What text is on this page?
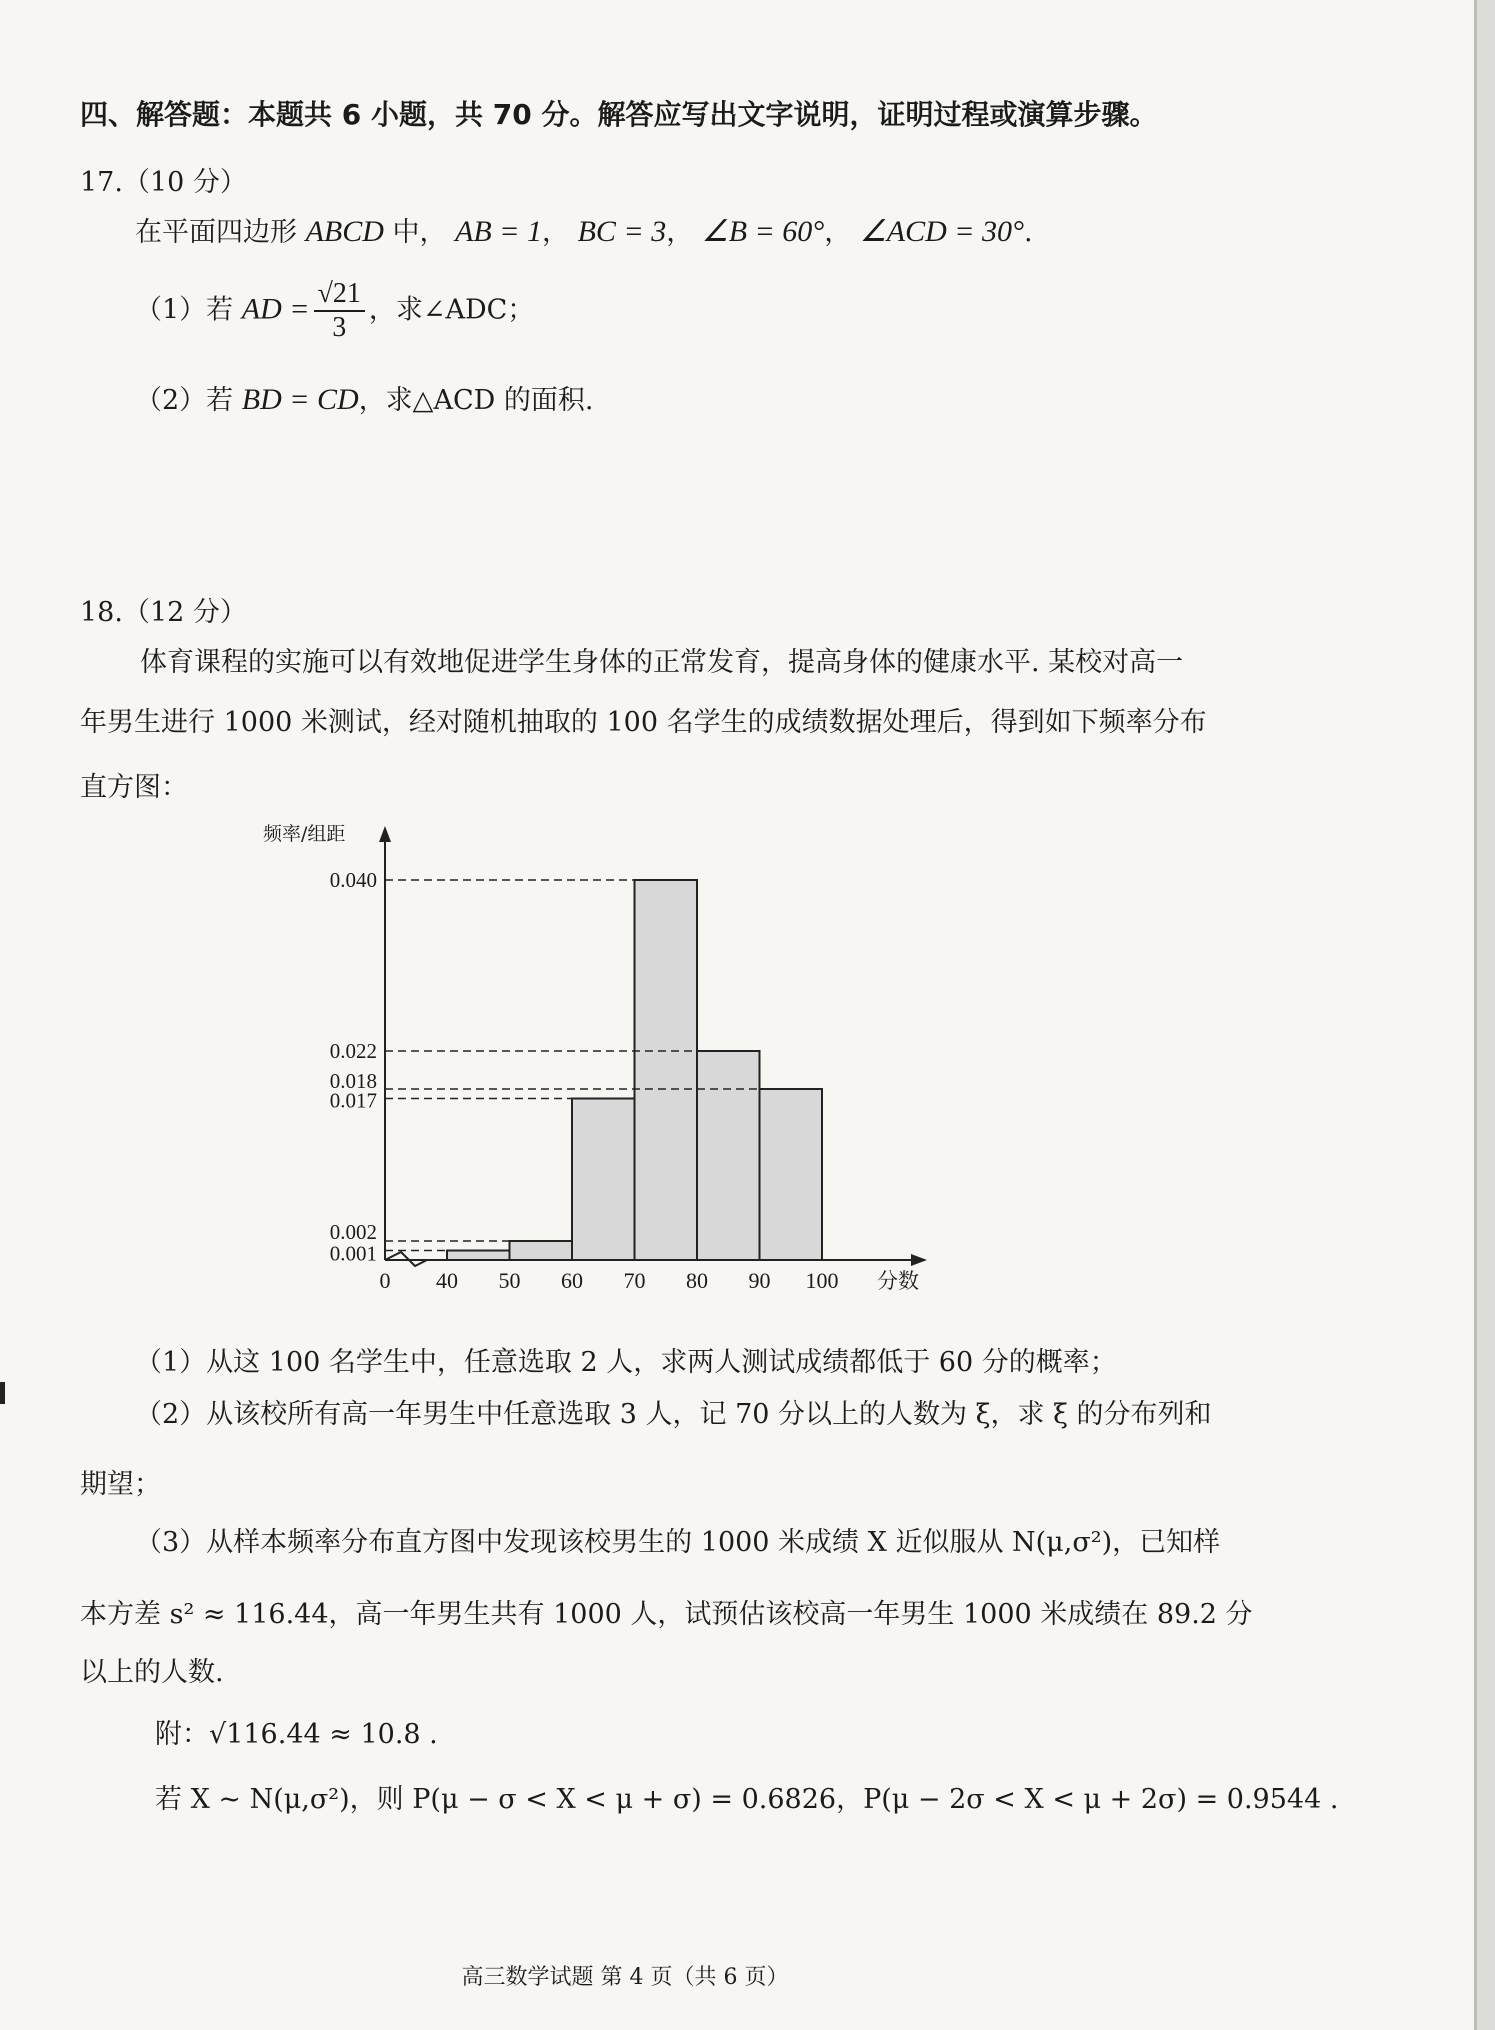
四、解答题：本题共 6 小题，共 70 分。解答应写出文字说明，证明过程或演算步骤。
17.（10 分）
在平面四边形 ABCD 中， AB = 1， BC = 3， ∠B = 60°， ∠ACD = 30°.
（1）若 AD = $\frac{√21}{3}$ ，求∠ADC；
（2）若 BD = CD，求△ACD 的面积.
18.（12 分）
体育课程的实施可以有效地促进学生身体的正常发育，提高身体的健康水平. 某校对高一
年男生进行 1000 米测试，经对随机抽取的 100 名学生的成绩数据处理后，得到如下频率分布
直方图：
0.001
0.002
0.017
0.018
0.022
0.040
0 40 50 60 70 80 90 100
频率/组距
分数
（1）从这 100 名学生中，任意选取 2 人，求两人测试成绩都低于 60 分的概率；
（2）从该校所有高一年男生中任意选取 3 人，记 70 分以上的人数为 ξ，求 ξ 的分布列和
期望；
（3）从样本频率分布直方图中发现该校男生的 1000 米成绩 X 近似服从 N(μ,σ²)，已知样
本方差 s² ≈ 116.44，高一年男生共有 1000 人，试预估该校高一年男生 1000 米成绩在 89.2 分
以上的人数.
附：√116.44 ≈ 10.8 .
若 X ~ N(μ,σ²)，则 P(μ − σ < X < μ + σ) = 0.6826，P(μ − 2σ < X < μ + 2σ) = 0.9544 .
高三数学试题 第 4 页（共 6 页）
